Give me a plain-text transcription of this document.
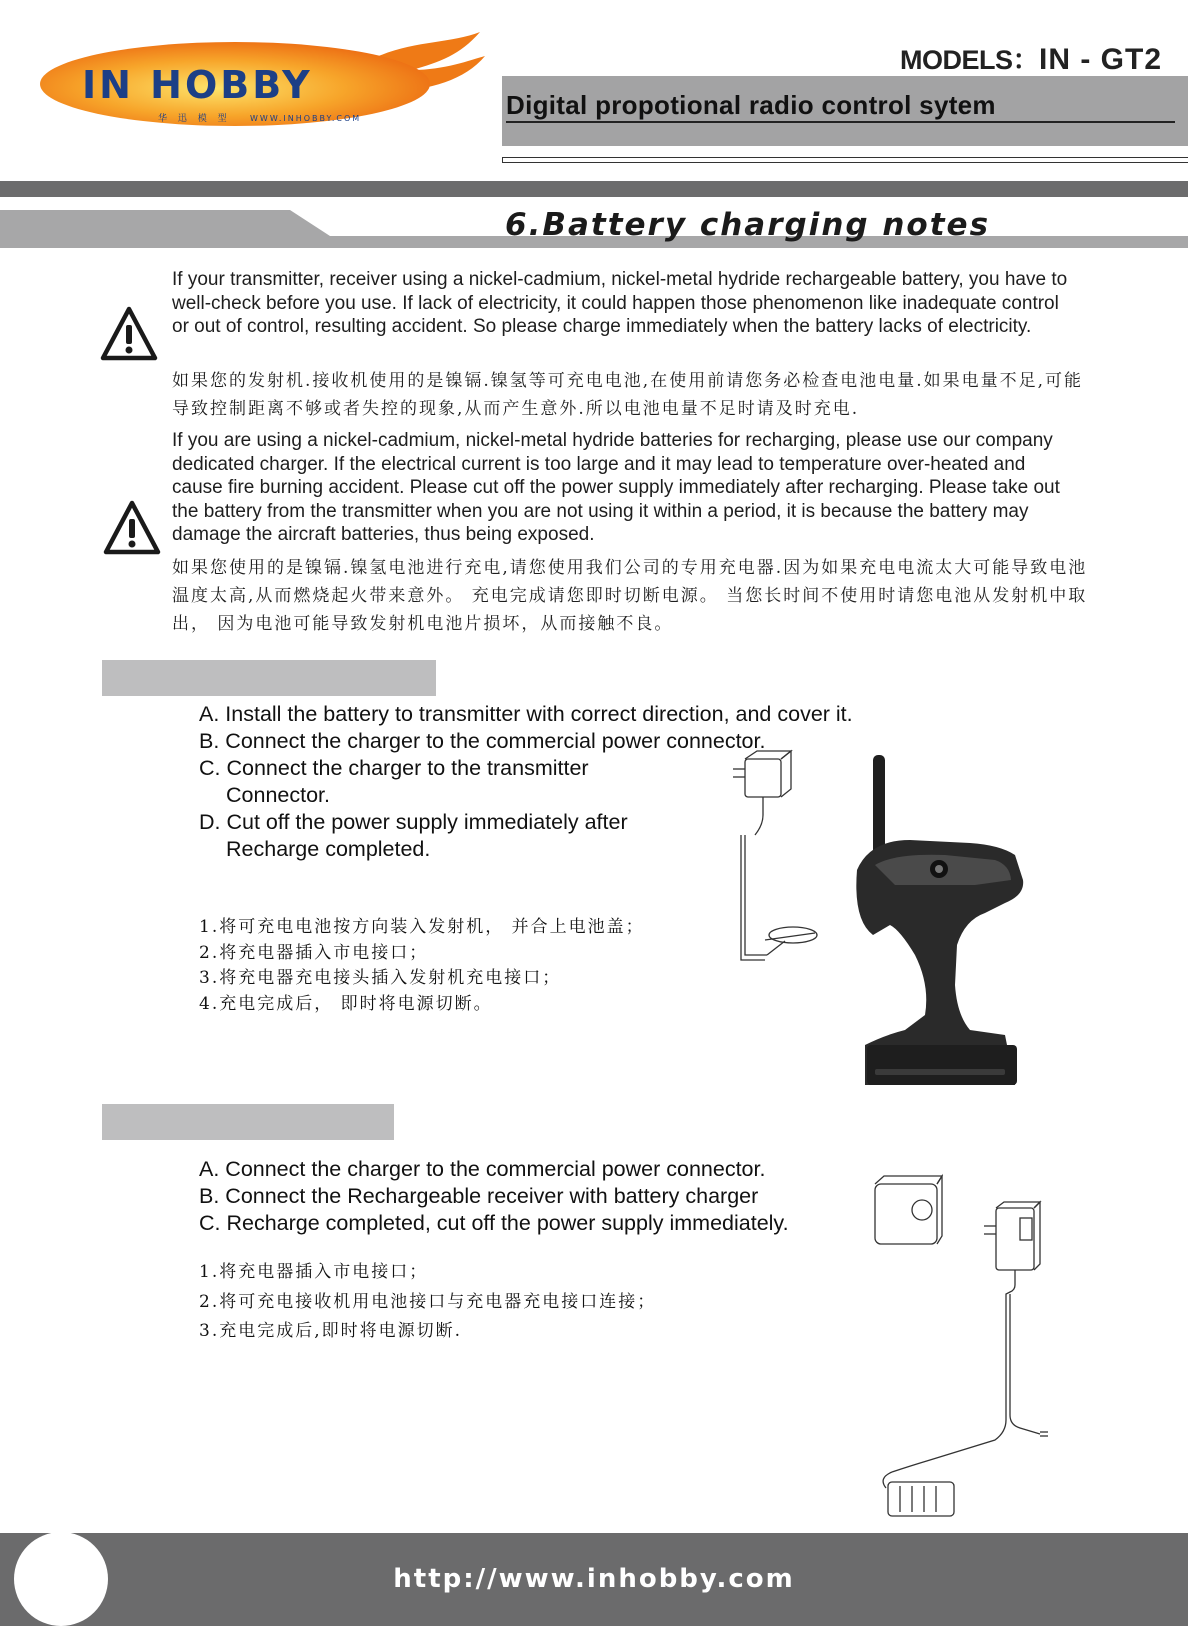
IN HOBBY
华 迅 模 型 WWW.INHOBBY.COM
MODELS：IN - GT2
Digital propotional radio control sytem
6.Battery charging notes
If your transmitter, receiver using a nickel-cadmium, nickel-metal hydride rechargeable battery, you have to well-check before you use. If lack of electricity, it could happen those phenomenon like inadequate control or out of control, resulting accident. So please charge immediately when the battery lacks of electricity.
如果您的发射机.接收机使用的是镍镉.镍氢等可充电电池,在使用前请您务必检查电池电量.如果电量不足,可能导致控制距离不够或者失控的现象,从而产生意外.所以电池电量不足时请及时充电.
If you are using a nickel-cadmium, nickel-metal hydride batteries for recharging, please use our company dedicated charger. If the electrical current is too large and it may lead to temperature over-heated and cause fire burning accident. Please cut off the power supply immediately after recharging. Please take out the battery from the transmitter when you are not using it within a period, it is because the battery may damage the aircraft batteries, thus being exposed.
如果您使用的是镍镉.镍氢电池进行充电,请您使用我们公司的专用充电器.因为如果充电电流太大可能导致电池温度太高,从而燃烧起火带来意外。 充电完成请您即时切断电源。 当您长时间不使用时请您电池从发射机中取出， 因为电池可能导致发射机电池片损坏，从而接触不良。
A. Install the battery to transmitter with correct direction, and cover it.
B. Connect the charger to the commercial power connector.
C. Connect the charger to the transmitter
Connector.
D. Cut off the power supply immediately after
Recharge completed.
1.将可充电电池按方向装入发射机， 并合上电池盖；
2.将充电器插入市电接口；
3.将充电器充电接头插入发射机充电接口；
4.充电完成后， 即时将电源切断。
A. Connect the charger to the commercial power connector.
B. Connect the Rechargeable receiver with battery charger
C. Recharge completed, cut off the power supply immediately.
1.将充电器插入市电接口；
2.将可充电接收机用电池接口与充电器充电接口连接；
3.充电完成后,即时将电源切断.
http://www.inhobby.com
